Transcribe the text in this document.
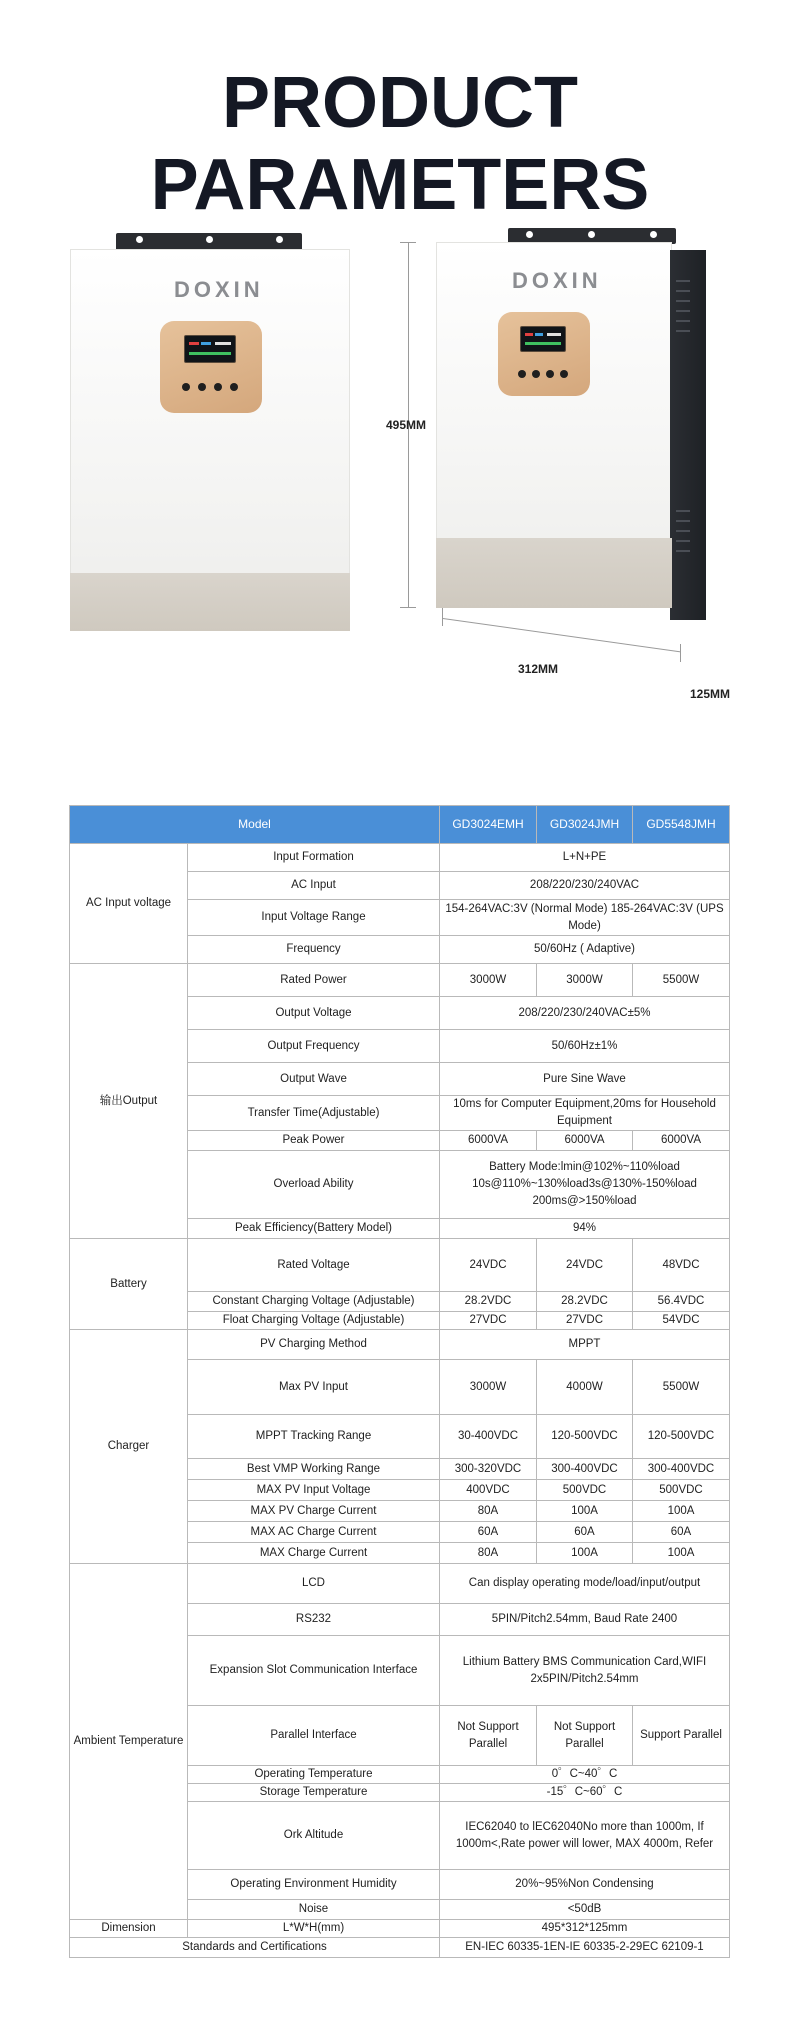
PRODUCT PARAMETERS
DOXIN	DOXIN
495MM
312MM
125MM
Model		GD3024EMH	GD3024JMH	GD5548JMH
AC Input voltage	Input Formation	L+N+PE		
	AC Input	208/220/230/240VAC		
	Input Voltage Range	154-264VAC:3V (Normal Mode) 185-264VAC:3V (UPS Mode)		
	Frequency	50/60Hz ( Adaptive)		
输出Output	Rated Power	3000W	3000W	5500W
	Output Voltage	208/220/230/240VAC±5%		
	Output Frequency	50/60Hz±1%		
	Output Wave	Pure Sine Wave		
	Transfer Time(Adjustable)	10ms for Computer Equipment,20ms for Household Equipment		
	Peak Power	6000VA	6000VA	6000VA
	Overload Ability	Battery Mode:lmin@102%~110%load 10s@110%~130%load3s@130%-150%load 200ms@>150%load		
	Peak Efficiency(Battery Model)	94%		
Battery	Rated Voltage	24VDC	24VDC	48VDC
	Constant Charging Voltage (Adjustable)	28.2VDC	28.2VDC	56.4VDC
	Float Charging Voltage (Adjustable)	27VDC	27VDC	54VDC
Charger	PV Charging Method	MPPT		
	Max PV Input	3000W	4000W	5500W
	MPPT Tracking Range	30-400VDC	120-500VDC	120-500VDC
	Best VMP Working Range	300-320VDC	300-400VDC	300-400VDC
	MAX PV Input Voltage	400VDC	500VDC	500VDC
	MAX PV Charge Current	80A	100A	100A
	MAX AC Charge Current	60A	60A	60A
	MAX Charge Current	80A	100A	100A
Ambient Temperature	LCD	Can display operating mode/load/input/output		
	RS232	5PIN/Pitch2.54mm, Baud Rate 2400		
	Expansion Slot Communication Interface	Lithium Battery BMS Communication Card,WIFI 2x5PIN/Pitch2.54mm		
	Parallel Interface	Not Support Parallel	Not Support Parallel	Support Parallel
	Operating Temperature	0゜C~40゜C		
	Storage Temperature	-15゜C~60゜C		
	Ork Altitude	IEC62040 to lEC62040No more than 1000m, If 1000m<,Rate power will lower, MAX 4000m, Refer		
	Operating Environment Humidity	20%~95%Non Condensing		
	Noise	<50dB		
Dimension	L*W*H(mm)	495*312*125mm		
Standards and Certifications		EN-IEC 60335-1EN-IE 60335-2-29EC 62109-1		
